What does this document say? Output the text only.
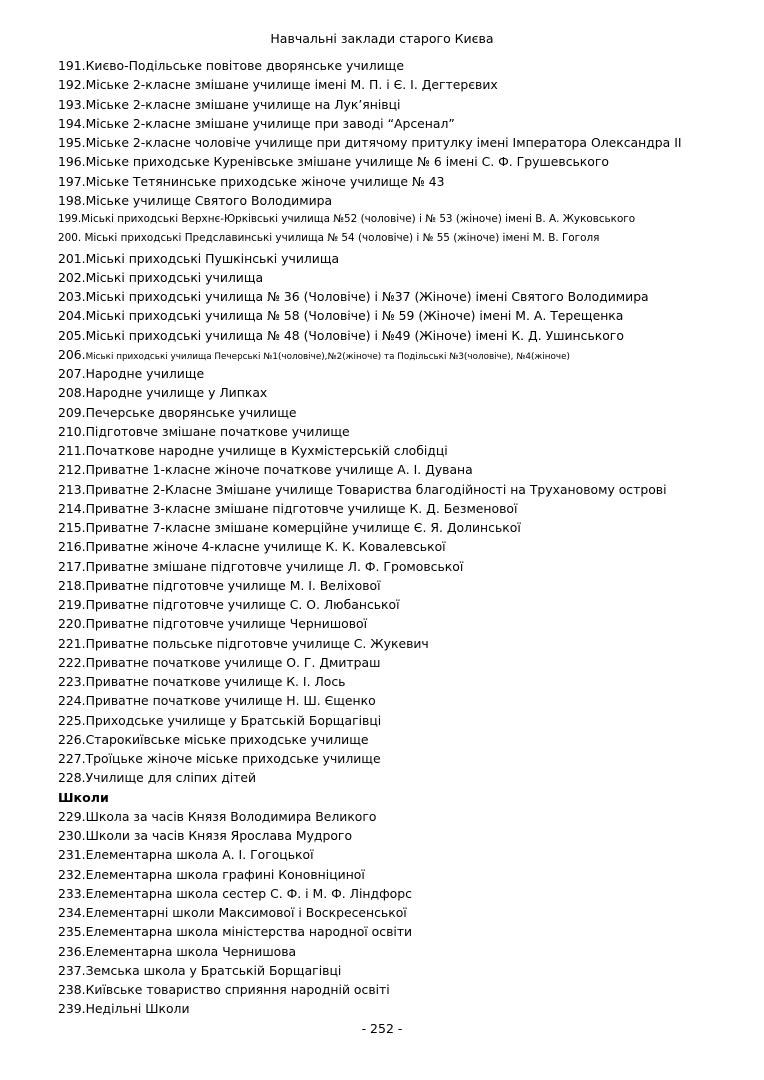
Навчальні заклади старого Києва
191.Києво-Подільське повітове дворянське училище
192.Міське 2-класне змішане училище імені М. П. і Є. І. Дегтерєвих
193.Міське 2-класне змішане училище на Лук’янівці
194.Міське 2-класне змішане училище при заводі “Арсенал”
195.Міське 2-класне чоловіче училище при дитячому притулку імені Імператора Олександра II
196.Міське приходське Куренівське змішане училище № 6 імені С. Ф. Грушевського
197.Міське Тетянинське приходське жіноче училище № 43
198.Міське училище Святого Володимира
199.Міські приходські Верхнє-Юрківські училища №52 (чоловіче) і № 53 (жіноче) імені В. А. Жуковського
200. Міські приходські Предславинські училища № 54 (чоловіче) і № 55 (жіноче) імені М. В. Гоголя
201.Міські приходські Пушкінські училища
202.Міські приходські училища
203.Міські приходські училища № 36 (Чоловіче) і №37 (Жіноче) імені Святого Володимира
204.Міські приходські училища № 58 (Чоловіче) і № 59 (Жіноче) імені М. А. Терещенка
205.Міські приходські училища № 48 (Чоловіче) і №49 (Жіноче) імені К. Д. Ушинського
206.Міські приходські училища Печерські №1(чоловіче),№2(жіноче) та Подільські №3(чоловіче), №4(жіноче)
207.Народне училище
208.Народне училище у Липках
209.Печерське дворянське училище
210.Підготовче змішане початкове училище
211.Початкове народне училище в Кухмістерській слобідці
212.Приватне 1-класне жіноче початкове училище А. І. Дувана
213.Приватне 2-Класне Змішане училище Товариства благодійності на Трухановому острові
214.Приватне 3-класне змішане підготовче училище К. Д. Безменової
215.Приватне 7-класне змішане комерційне училище Є. Я. Долинської
216.Приватне жіноче 4-класне училище К. К. Ковалевської
217.Приватне змішане підготовче училище Л. Ф. Громовської
218.Приватне підготовче училище М. І. Веліхової
219.Приватне підготовче училище С. О. Любанської
220.Приватне підготовче училище Чернишової
221.Приватне польське підготовче училище С. Жукевич
222.Приватне початкове училище О. Г. Дмитраш
223.Приватне початкове училище К. І. Лось
224.Приватне початкове училище Н. Ш. Єщенко
225.Приходське училище у Братській Борщагівці
226.Старокиївське міське приходське училище
227.Троїцьке жіноче міське приходське училище
228.Училище для сліпих дітей
Школи
229.Школа за часів Князя Володимира Великого
230.Школи за часів Князя Ярослава Мудрого
231.Елементарна школа А. І. Гогоцької
232.Елементарна школа графині Коновніциної
233.Елементарна школа сестер С. Ф. і М. Ф. Ліндфорс
234.Елементарні школи Максимової і Воскресенської
235.Елементарна школа міністерства народної освіти
236.Елементарна школа Чернишова
237.Земська школа у Братській Борщагівці
238.Київське товариство сприяння народній освіті
239.Недільні Школи
- 252 -
